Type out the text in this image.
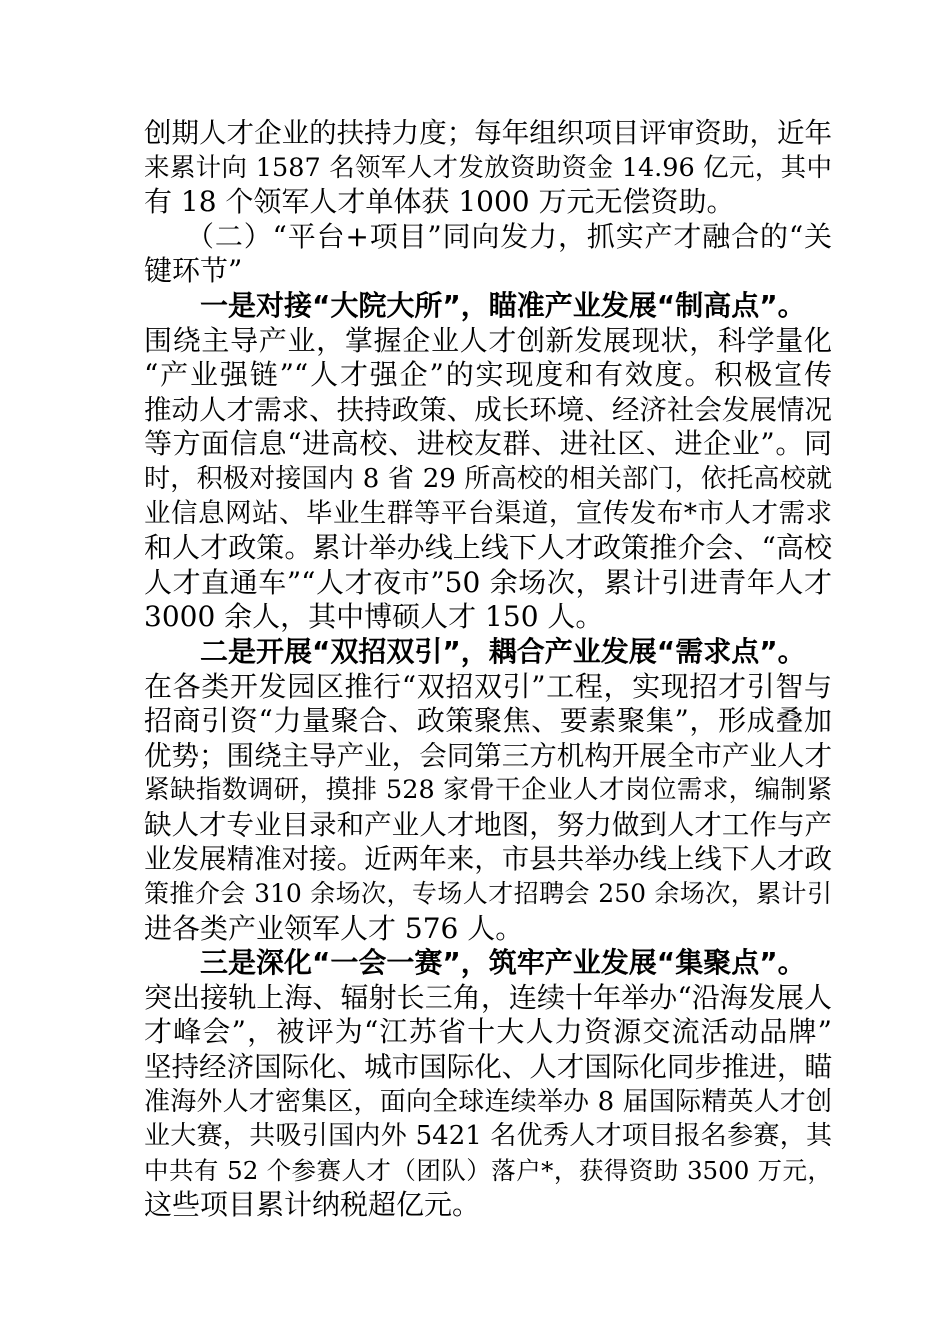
创期人才企业的扶持力度；每年组织项目评审资助，近年
来累计向 1587 名领军人才发放资助资金 14.96 亿元，其中
有 18 个领军人才单体获 1000 万元无偿资助。
（二）“平台+项目”同向发力，抓实产才融合的“关
键环节”
一是对接“大院大所”，瞄准产业发展“制高点”。
围绕主导产业，掌握企业人才创新发展现状，科学量化
“产业强链”“人才强企”的实现度和有效度。积极宣传
推动人才需求、扶持政策、成长环境、经济社会发展情况
等方面信息“进高校、进校友群、进社区、进企业”。同
时，积极对接国内 8 省 29 所高校的相关部门，依托高校就
业信息网站、毕业生群等平台渠道，宣传发布*市人才需求
和人才政策。累计举办线上线下人才政策推介会、“高校
人才直通车”“人才夜市”50 余场次，累计引进青年人才
3000 余人，其中博硕人才 150 人。
二是开展“双招双引”，耦合产业发展“需求点”。
在各类开发园区推行“双招双引”工程，实现招才引智与
招商引资“力量聚合、政策聚焦、要素聚集”，形成叠加
优势；围绕主导产业，会同第三方机构开展全市产业人才
紧缺指数调研，摸排 528 家骨干企业人才岗位需求，编制紧
缺人才专业目录和产业人才地图，努力做到人才工作与产
业发展精准对接。近两年来，市县共举办线上线下人才政
策推介会 310 余场次，专场人才招聘会 250 余场次，累计引
进各类产业领军人才 576 人。
三是深化“一会一赛”，筑牢产业发展“集聚点”。
突出接轨上海、辐射长三角，连续十年举办“沿海发展人
才峰会”，被评为“江苏省十大人力资源交流活动品牌”
坚持经济国际化、城市国际化、人才国际化同步推进，瞄
准海外人才密集区，面向全球连续举办 8 届国际精英人才创
业大赛，共吸引国内外 5421 名优秀人才项目报名参赛，其
中共有 52 个参赛人才（团队）落户*，获得资助 3500 万元，
这些项目累计纳税超亿元。
